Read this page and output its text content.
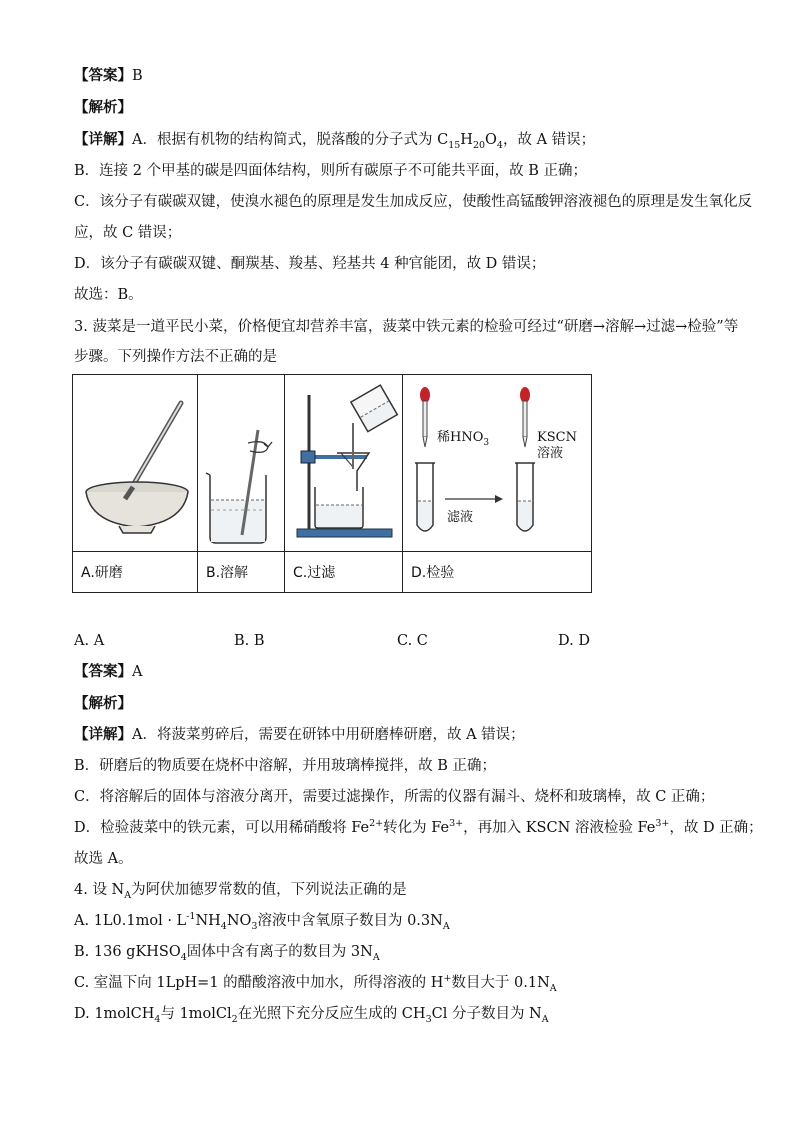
【答案】B
【解析】
【详解】A．根据有机物的结构简式，脱落酸的分子式为 $C_{15}H_{20}O_4$，故 A 错误；
B．连接 2 个甲基的碳是四面体结构，则所有碳原子不可能共平面，故 B 正确；
C．该分子有碳碳双键，使溴水褪色的原理是发生加成反应，使酸性高锰酸钾溶液褪色的原理是发生氧化反
应，故 C 错误；
D．该分子有碳碳双键、酮羰基、羧基、羟基共 4 种官能团，故 D 错误；
故选：B。
3. 菠菜是一道平民小菜，价格便宜却营养丰富，菠菜中铁元素的检验可经过“研磨→溶解→过滤→检验”等
步骤。下列操作方法不正确的是

稀$HNO_3$ KSCN
溶液
滤液

A.研磨	B.溶解	C.过滤	D.检验
A. A	B. B	C. C	D. D
【答案】A
【解析】
【详解】A．将菠菜剪碎后，需要在研钵中用研磨棒研磨，故 A 错误；
B．研磨后的物质要在烧杯中溶解，并用玻璃棒搅拌，故 B 正确；
C．将溶解后的固体与溶液分离开，需要过滤操作，所需的仪器有漏斗、烧杯和玻璃棒，故 C 正确；
D．检验菠菜中的铁元素，可以用稀硝酸将 $Fe^{2+}$转化为 $Fe^{3+}$，再加入 KSCN 溶液检验 $Fe^{3+}$，故 D 正确；
故选 A。
4. 设 $N_A$为阿伏加德罗常数的值，下列说法正确的是
A. $1L0.1mol \cdot L^{-1}NH_4NO_3$溶液中含氧原子数目为 $0.3N_A$
B. 136 gKHSO$_4$固体中含有离子的数目为 $3N_A$
C. 室温下向 1LpH=1 的醋酸溶液中加水，所得溶液的 H+数目大于 $0.1N_A$
D. 1molCH$_4$与 1molCl$_2$在光照下充分反应生成的 $CH_3Cl$ 分子数目为 $N_A$
